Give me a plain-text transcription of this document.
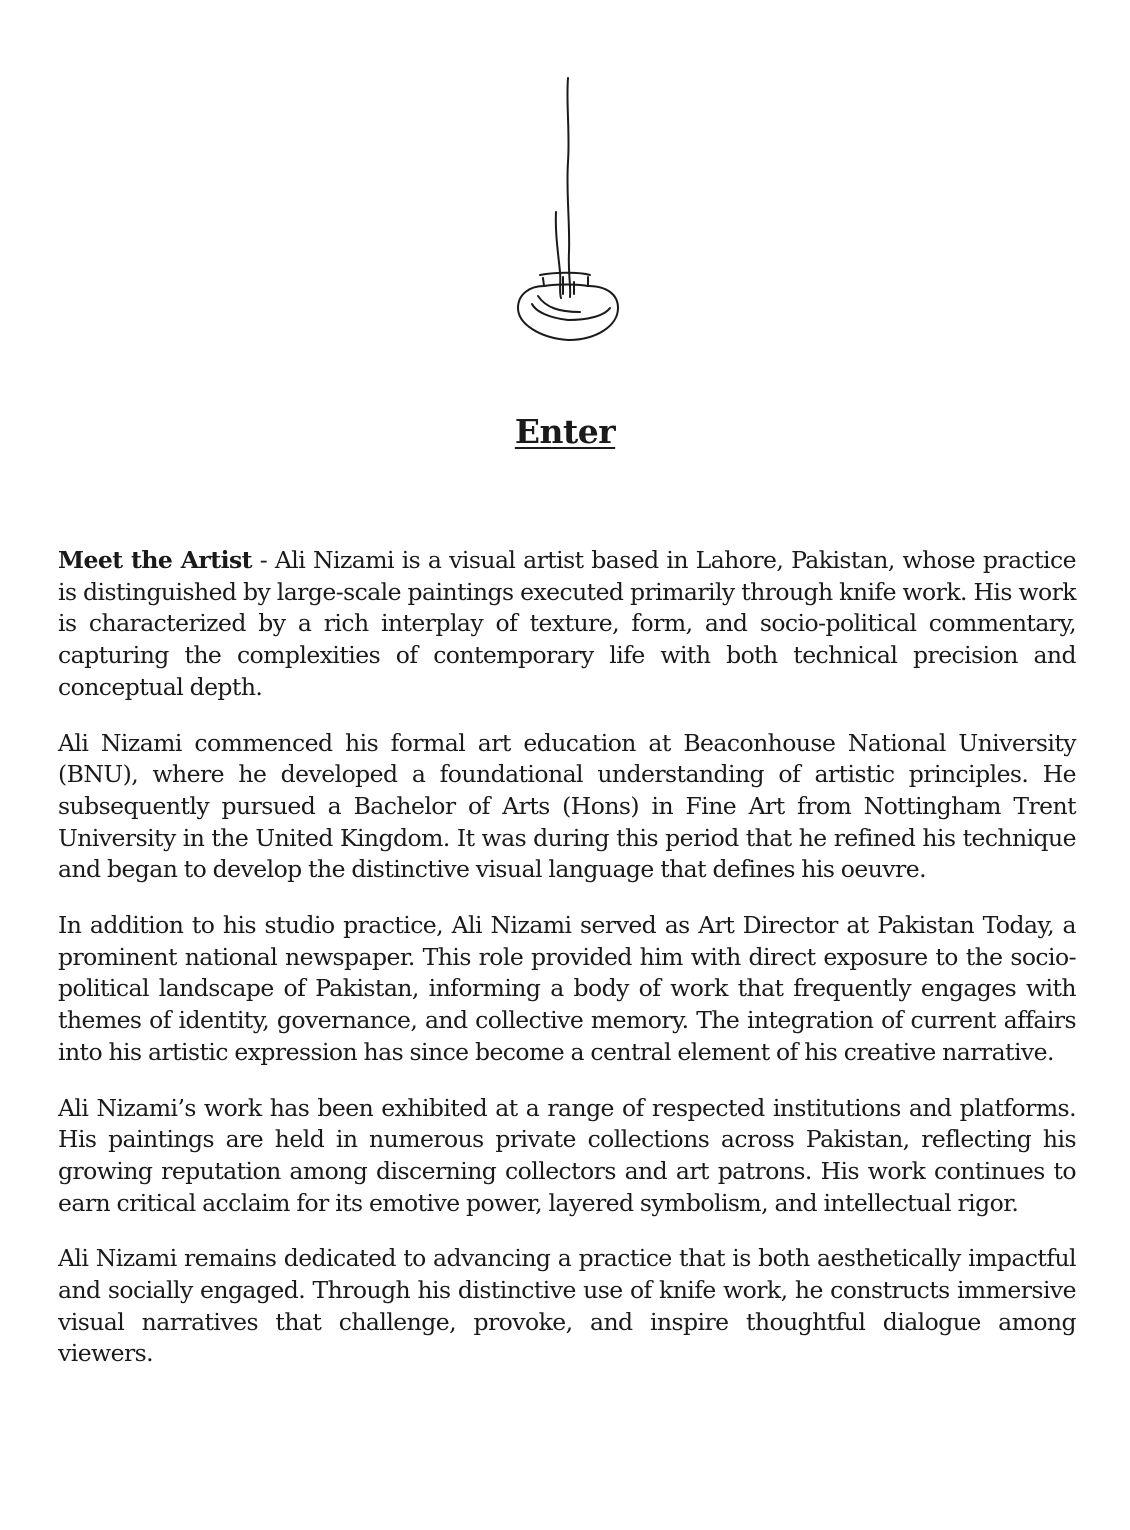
Enter

Meet the Artist - Ali Nizami is a visual artist based in Lahore, Pakistan, whose practice is distinguished by large-scale paintings executed primarily through knife work. His work is characterized by a rich interplay of texture, form, and socio-political commentary, capturing the complexities of contemporary life with both technical precision and conceptual depth.

Ali Nizami commenced his formal art education at Beaconhouse National University (BNU), where he developed a foundational understanding of artistic principles. He subsequently pursued a Bachelor of Arts (Hons) in Fine Art from Nottingham Trent University in the United Kingdom. It was during this period that he refined his technique and began to develop the distinctive visual language that defines his oeuvre.

In addition to his studio practice, Ali Nizami served as Art Director at Pakistan Today, a prominent national newspaper. This role provided him with direct exposure to the socio-political landscape of Pakistan, informing a body of work that frequently engages with themes of identity, governance, and collective memory. The integration of current affairs into his artistic expression has since become a central element of his creative narrative.

Ali Nizami’s work has been exhibited at a range of respected institutions and platforms. His paintings are held in numerous private collections across Pakistan, reflecting his growing reputation among discerning collectors and art patrons. His work continues to earn critical acclaim for its emotive power, layered symbolism, and intellectual rigor.

Ali Nizami remains dedicated to advancing a practice that is both aesthetically impactful and socially engaged. Through his distinctive use of knife work, he constructs immersive visual narratives that challenge, provoke, and inspire thoughtful dialogue among viewers.
